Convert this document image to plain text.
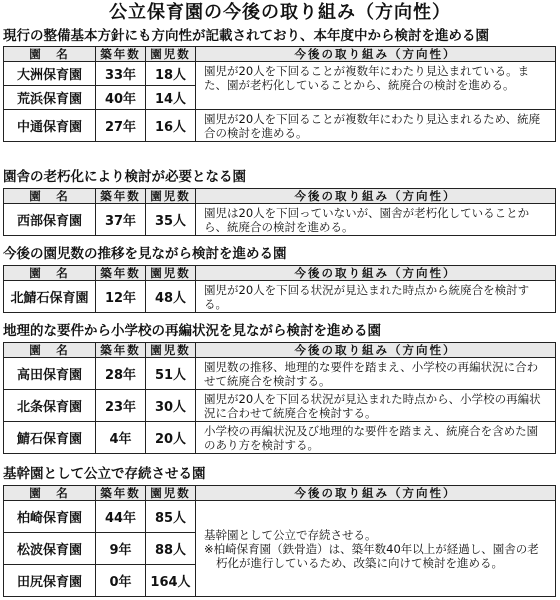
公立保育園の今後の取り組み（方向性）
現行の整備基本方針にも方向性が記載されており、本年度中から検討を進める園
園　名	築年数	園児数	今後の取り組み（方向性）
大洲保育園	33年	18人	園児が20人を下回ることが複数年にわたり見込まれている。また、園が老朽化していることから、統廃合の検討を進める。
荒浜保育園	40年	14人	
中通保育園	27年	16人	園児が20人を下回ることが複数年にわたり見込まれるため、統廃合の検討を進める。
園舎の老朽化により検討が必要となる園
園　名	築年数	園児数	今後の取り組み（方向性）
西部保育園	37年	35人	園児は20人を下回っていないが、園舎が老朽化していることから、統廃合の検討を進める。
今後の園児数の推移を見ながら検討を進める園
園　名	築年数	園児数	今後の取り組み（方向性）
北鯖石保育園	12年	48人	園児が20人を下回る状況が見込まれた時点から統廃合を検討する。
地理的な要件から小学校の再編状況を見ながら検討を進める園
園　名	築年数	園児数	今後の取り組み（方向性）
高田保育園	28年	51人	園児数の推移、地理的な要件を踏まえ、小学校の再編状況に合わせて統廃合を検討する。
北条保育園	23年	30人	園児が20人を下回る状況が見込まれた時点から、小学校の再編状況に合わせて統廃合を検討する。
鯖石保育園	4年	20人	小学校の再編状況及び地理的な要件を踏まえ、統廃合を含めた園のあり方を検討する。
基幹園として公立で存続させる園
園　名	築年数	園児数	今後の取り組み（方向性）
柏崎保育園	44年	85人	基幹園として公立で存続させる。
※柏崎保育園（鉄骨造）は、築年数40年以上が経過し、園舎の老朽化が進行しているため、改築に向けて検討を進める。

松波保育園	9年	88人	
田尻保育園	0年	164人	
